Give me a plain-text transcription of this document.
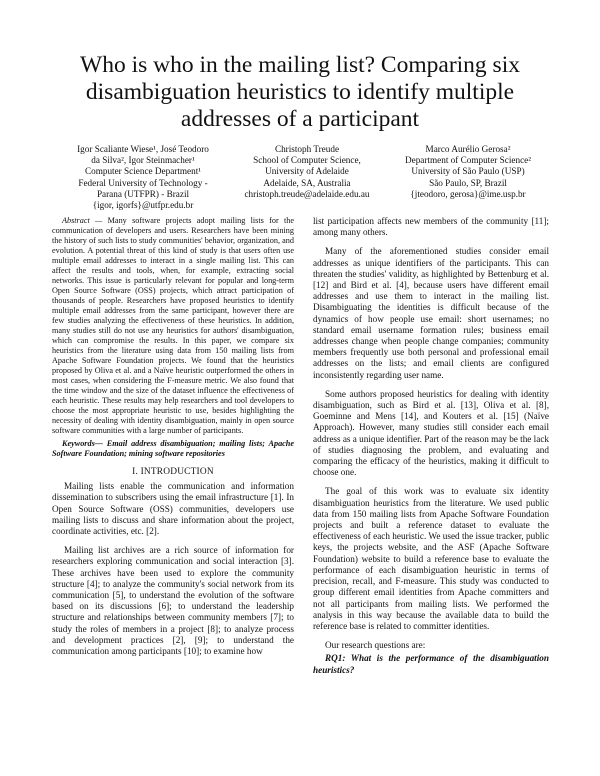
Who is who in the mailing list? Comparing six disambiguation heuristics to identify multiple addresses of a participant

Igor Scaliante Wiese¹, José Teodoro

da Silva², Igor Steinmacher¹

Computer Science Department¹

Federal University of Technology -

Parana (UTFPR) - Brazil

{igor, igorfs}@utfpr.edu.br

Christoph Treude

School of Computer Science,

University of Adelaide

Adelaide, SA, Australia

christoph.treude@adelaide.edu.au

Marco Aurélio Gerosa²

Department of Computer Science²

University of São Paulo (USP)

São Paulo, SP, Brazil

{jteodoro, gerosa}@ime.usp.br

Abstract — Many software projects adopt mailing lists for the communication of developers and users. Researchers have been mining the history of such lists to study communities' behavior, organization, and evolution. A potential threat of this kind of study is that users often use multiple email addresses to interact in a single mailing list. This can affect the results and tools, when, for example, extracting social networks. This issue is particularly relevant for popular and long-term Open Source Software (OSS) projects, which attract participation of thousands of people. Researchers have proposed heuristics to identify multiple email addresses from the same participant, however there are few studies analyzing the effectiveness of these heuristics. In addition, many studies still do not use any heuristics for authors' disambiguation, which can compromise the results. In this paper, we compare six heuristics from the literature using data from 150 mailing lists from Apache Software Foundation projects. We found that the heuristics proposed by Oliva et al. and a Naïve heuristic outperformed the others in most cases, when considering the F-measure metric. We also found that the time window and the size of the dataset influence the effectiveness of each heuristic. These results may help researchers and tool developers to choose the most appropriate heuristic to use, besides highlighting the necessity of dealing with identity disambiguation, mainly in open source software communities with a large number of participants.

Keywords— Email address disambiguation; mailing lists; Apache Software Foundation; mining software repositories

I. INTRODUCTION

Mailing lists enable the communication and information dissemination to subscribers using the email infrastructure [1]. In Open Source Software (OSS) communities, developers use mailing lists to discuss and share information about the project, coordinate activities, etc. [2].

Mailing list archives are a rich source of information for researchers exploring communication and social interaction [3]. These archives have been used to explore the community structure [4]; to analyze the community's social network from its communication [5], to understand the evolution of the software based on its discussions [6]; to understand the leadership structure and relationships between community members [7]; to study the roles of members in a project [8]; to analyze process and development practices [2], [9]; to understand the communication among participants [10]; to examine how

list participation affects new members of the community [11]; among many others.

Many of the aforementioned studies consider email addresses as unique identifiers of the participants. This can threaten the studies' validity, as highlighted by Bettenburg et al. [12] and Bird et al. [4], because users have different email addresses and use them to interact in the mailing list. Disambiguating the identities is difficult because of the dynamics of how people use email: short usernames; no standard email username formation rules; business email addresses change when people change companies; community members frequently use both personal and professional email addresses on the lists; and email clients are configured inconsistently regarding user name.

Some authors proposed heuristics for dealing with identity disambiguation, such as Bird et al. [13], Oliva et al. [8], Goeminne and Mens [14], and Kouters et al. [15] (Naïve Approach). However, many studies still consider each email address as a unique identifier. Part of the reason may be the lack of studies diagnosing the problem, and evaluating and comparing the efficacy of the heuristics, making it difficult to choose one.

The goal of this work was to evaluate six identity disambiguation heuristics from the literature. We used public data from 150 mailing lists from Apache Software Foundation projects and built a reference dataset to evaluate the effectiveness of each heuristic. We used the issue tracker, public keys, the projects website, and the ASF (Apache Software Foundation) website to build a reference base to evaluate the performance of each disambiguation heuristic in terms of precision, recall, and F-measure. This study was conducted to group different email identities from Apache committers and not all participants from mailing lists. We performed the analysis in this way because the available data to build the reference base is related to committer identities.

Our research questions are:

RQ1: What is the performance of the disambiguation heuristics?
